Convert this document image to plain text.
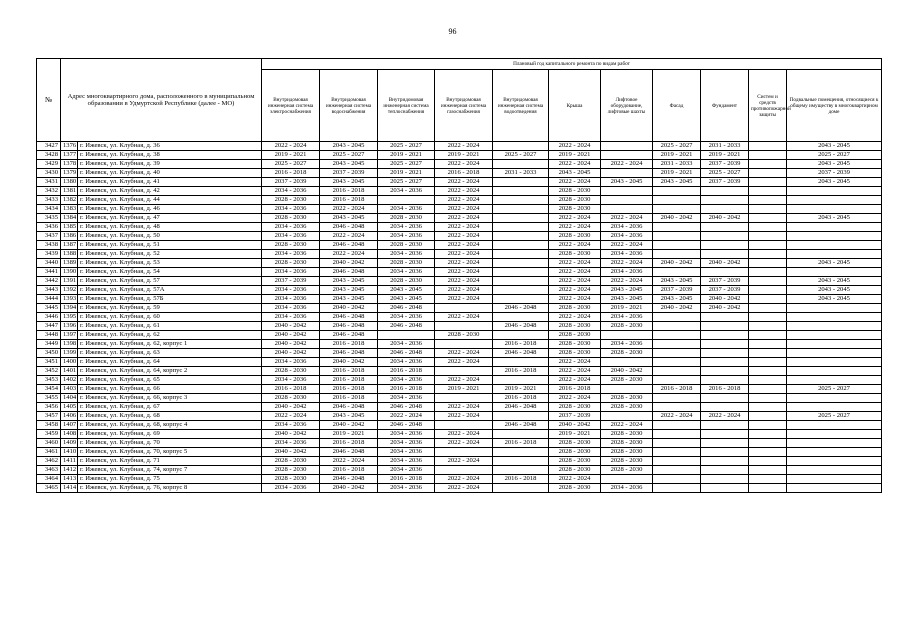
96
№	Адрес многоквартирного дома, расположенного в муниципальном образовании в Удмуртской Республике (далее - МО)		Плановый год капитального ремонта по видам работ										
			Внутридомовая инженерная система электроснабжения	Внутридомовая инженерная система водоснабжения	Внутридомовая инженерная система теплоснабжения	Внутридомовая инженерная система газоснабжения	Внутридомовая инженерная система водоотведения	Крыша	Лифтовое оборудование, лифтовые шахты	Фасад	Фундамент	Систем и средств противопожарной защиты	Подвальные помещения, относящиеся к общему имуществу в многоквартирном доме
3427	1376	г. Ижевск, ул. Клубная, д. 36	2022 - 2024	2043 - 2045	2025 - 2027	2022 - 2024		2022 - 2024		2025 - 2027	2031 - 2033		2043 - 2045
3428	1377	г. Ижевск, ул. Клубная, д. 38	2019 - 2021	2025 - 2027	2019 - 2021	2019 - 2021	2025 - 2027	2019 - 2021		2019 - 2021	2019 - 2021		2025 - 2027
3429	1378	г. Ижевск, ул. Клубная, д. 39	2025 - 2027	2043 - 2045	2025 - 2027	2022 - 2024		2022 - 2024	2022 - 2024	2031 - 2033	2037 - 2039		2043 - 2045
3430	1379	г. Ижевск, ул. Клубная, д. 40	2016 - 2018	2037 - 2039	2019 - 2021	2016 - 2018	2031 - 2033	2043 - 2045		2019 - 2021	2025 - 2027		2037 - 2039
3431	1380	г. Ижевск, ул. Клубная, д. 41	2037 - 2039	2043 - 2045	2025 - 2027	2022 - 2024		2022 - 2024	2043 - 2045	2043 - 2045	2037 - 2039		2043 - 2045
3432	1381	г. Ижевск, ул. Клубная, д. 42	2034 - 2036	2016 - 2018	2034 - 2036	2022 - 2024		2028 - 2030					
3433	1382	г. Ижевск, ул. Клубная, д. 44	2028 - 2030	2016 - 2018		2022 - 2024		2028 - 2030					
3434	1383	г. Ижевск, ул. Клубная, д. 46	2034 - 2036	2022 - 2024	2034 - 2036	2022 - 2024		2028 - 2030					
3435	1384	г. Ижевск, ул. Клубная, д. 47	2028 - 2030	2043 - 2045	2028 - 2030	2022 - 2024		2022 - 2024	2022 - 2024	2040 - 2042	2040 - 2042		2043 - 2045
3436	1385	г. Ижевск, ул. Клубная, д. 48	2034 - 2036	2046 - 2048	2034 - 2036	2022 - 2024		2022 - 2024	2034 - 2036				
3437	1386	г. Ижевск, ул. Клубная, д. 50	2034 - 2036	2022 - 2024	2034 - 2036	2022 - 2024		2028 - 2030	2034 - 2036				
3438	1387	г. Ижевск, ул. Клубная, д. 51	2028 - 2030	2046 - 2048	2028 - 2030	2022 - 2024		2022 - 2024	2022 - 2024				
3439	1388	г. Ижевск, ул. Клубная, д. 52	2034 - 2036	2022 - 2024	2034 - 2036	2022 - 2024		2028 - 2030	2034 - 2036				
3440	1389	г. Ижевск, ул. Клубная, д. 53	2028 - 2030	2040 - 2042	2028 - 2030	2022 - 2024		2022 - 2024	2022 - 2024	2040 - 2042	2040 - 2042		2043 - 2045
3441	1390	г. Ижевск, ул. Клубная, д. 54	2034 - 2036	2046 - 2048	2034 - 2036	2022 - 2024		2022 - 2024	2034 - 2036				
3442	1391	г. Ижевск, ул. Клубная, д. 57	2037 - 2039	2043 - 2045	2028 - 2030	2022 - 2024		2022 - 2024	2022 - 2024	2043 - 2045	2037 - 2039		2043 - 2045
3443	1392	г. Ижевск, ул. Клубная, д. 57А	2034 - 2036	2043 - 2045	2043 - 2045	2022 - 2024		2022 - 2024	2043 - 2045	2037 - 2039	2037 - 2039		2043 - 2045
3444	1393	г. Ижевск, ул. Клубная, д. 57Б	2034 - 2036	2043 - 2045	2043 - 2045	2022 - 2024		2022 - 2024	2043 - 2045	2043 - 2045	2040 - 2042		2043 - 2045
3445	1394	г. Ижевск, ул. Клубная, д. 59	2034 - 2036	2040 - 2042	2046 - 2048		2046 - 2048	2028 - 2030	2019 - 2021	2040 - 2042	2040 - 2042		
3446	1395	г. Ижевск, ул. Клубная, д. 60	2034 - 2036	2046 - 2048	2034 - 2036	2022 - 2024		2022 - 2024	2034 - 2036				
3447	1396	г. Ижевск, ул. Клубная, д. 61	2040 - 2042	2046 - 2048	2046 - 2048		2046 - 2048	2028 - 2030	2028 - 2030				
3448	1397	г. Ижевск, ул. Клубная, д. 62	2040 - 2042	2046 - 2048		2028 - 2030		2028 - 2030					
3449	1398	г. Ижевск, ул. Клубная, д. 62, корпус 1	2040 - 2042	2016 - 2018	2034 - 2036		2016 - 2018	2028 - 2030	2034 - 2036				
3450	1399	г. Ижевск, ул. Клубная, д. 63	2040 - 2042	2046 - 2048	2046 - 2048	2022 - 2024	2046 - 2048	2028 - 2030	2028 - 2030				
3451	1400	г. Ижевск, ул. Клубная, д. 64	2034 - 2036	2040 - 2042	2034 - 2036	2022 - 2024		2022 - 2024					
3452	1401	г. Ижевск, ул. Клубная, д. 64, корпус 2	2028 - 2030	2016 - 2018	2016 - 2018		2016 - 2018	2022 - 2024	2040 - 2042				
3453	1402	г. Ижевск, ул. Клубная, д. 65	2034 - 2036	2016 - 2018	2034 - 2036	2022 - 2024		2022 - 2024	2028 - 2030				
3454	1403	г. Ижевск, ул. Клубная, д. 66	2016 - 2018	2016 - 2018	2016 - 2018	2019 - 2021	2019 - 2021	2016 - 2018		2016 - 2018	2016 - 2018		2025 - 2027
3455	1404	г. Ижевск, ул. Клубная, д. 66, корпус 3	2028 - 2030	2016 - 2018	2034 - 2036		2016 - 2018	2022 - 2024	2028 - 2030				
3456	1405	г. Ижевск, ул. Клубная, д. 67	2040 - 2042	2046 - 2048	2046 - 2048	2022 - 2024	2046 - 2048	2028 - 2030	2028 - 2030				
3457	1406	г. Ижевск, ул. Клубная, д. 68	2022 - 2024	2043 - 2045	2022 - 2024	2022 - 2024		2037 - 2039		2022 - 2024	2022 - 2024		2025 - 2027
3458	1407	г. Ижевск, ул. Клубная, д. 68, корпус 4	2034 - 2036	2040 - 2042	2046 - 2048		2046 - 2048	2040 - 2042	2022 - 2024				
3459	1408	г. Ижевск, ул. Клубная, д. 69	2040 - 2042	2019 - 2021	2034 - 2036	2022 - 2024		2019 - 2021	2028 - 2030				
3460	1409	г. Ижевск, ул. Клубная, д. 70	2034 - 2036	2016 - 2018	2034 - 2036	2022 - 2024	2016 - 2018	2028 - 2030	2028 - 2030				
3461	1410	г. Ижевск, ул. Клубная, д. 70, корпус 5	2040 - 2042	2046 - 2048	2034 - 2036			2028 - 2030	2028 - 2030				
3462	1411	г. Ижевск, ул. Клубная, д. 71	2028 - 2030	2022 - 2024	2034 - 2036	2022 - 2024		2028 - 2030	2028 - 2030				
3463	1412	г. Ижевск, ул. Клубная, д. 74, корпус 7	2028 - 2030	2016 - 2018	2034 - 2036			2028 - 2030	2028 - 2030				
3464	1413	г. Ижевск, ул. Клубная, д. 75	2028 - 2030	2046 - 2048	2016 - 2018	2022 - 2024	2016 - 2018	2022 - 2024					
3465	1414	г. Ижевск, ул. Клубная, д. 76, корпус 8	2034 - 2036	2040 - 2042	2034 - 2036	2022 - 2024		2028 - 2030	2034 - 2036				
